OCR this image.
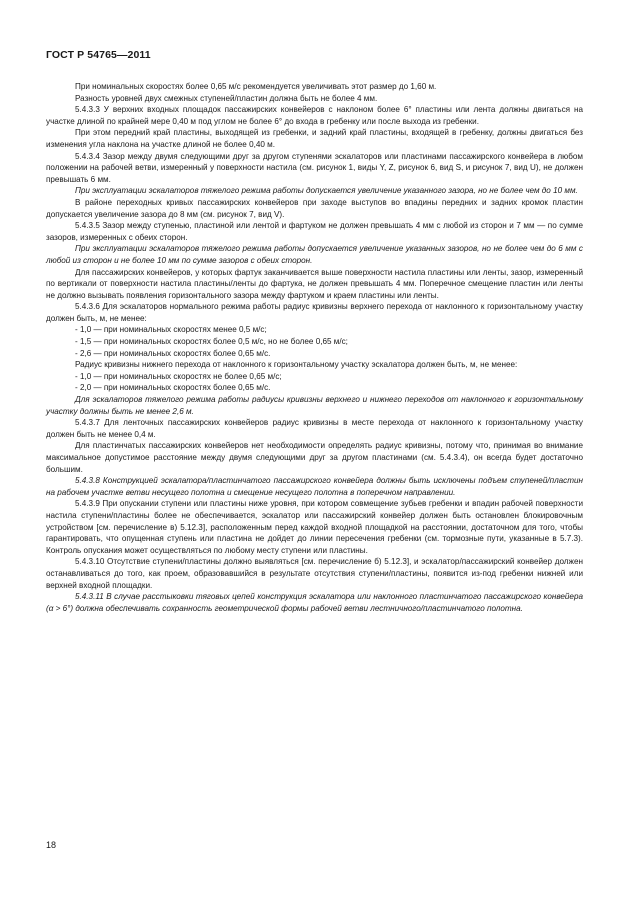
ГОСТ Р 54765—2011

При номинальных скоростях более 0,65 м/с рекомендуется увеличивать этот размер до 1,60 м.

Разность уровней двух смежных ступеней/пластин должна быть не более 4 мм.

5.4.3.3 У верхних входных площадок пассажирских конвейеров с наклоном более 6° пластины или лента должны двигаться на участке длиной по крайней мере 0,40 м под углом не более 6° до входа в гребенку или после выхода из гребенки.

При этом передний край пластины, выходящей из гребенки, и задний край пластины, входящей в гребенку, должны двигаться без изменения угла наклона на участке длиной не более 0,40 м.

5.4.3.4 Зазор между двумя следующими друг за другом ступенями эскалаторов или пластинами пассажирского конвейера в любом положении на рабочей ветви, измеренный у поверхности настила (см. рисунок 1, виды Y, Z, рисунок 6, вид S, и рисунок 7, вид U), не должен превышать 6 мм.

При эксплуатации эскалаторов тяжелого режима работы допускается увеличение указанного зазора, но не более чем до 10 мм.

В районе переходных кривых пассажирских конвейеров при заходе выступов во впадины передних и задних кромок пластин допускается увеличение зазора до 8 мм (см. рисунок 7, вид V).

5.4.3.5 Зазор между ступенью, пластиной или лентой и фартуком не должен превышать 4 мм с любой из сторон и 7 мм — по сумме зазоров, измеренных с обеих сторон.

При эксплуатации эскалаторов тяжелого режима работы допускается увеличение указанных зазоров, но не более чем до 6 мм с любой из сторон и не более 10 мм по сумме зазоров с обеих сторон.

Для пассажирских конвейеров, у которых фартук заканчивается выше поверхности настила пластины или ленты, зазор, измеренный по вертикали от поверхности настила пластины/ленты до фартука, не должен превышать 4 мм. Поперечное смещение пластин или ленты не должно вызывать появления горизонтального зазора между фартуком и краем пластины или ленты.

5.4.3.6 Для эскалаторов нормального режима работы радиус кривизны верхнего перехода от наклонного к горизонтальному участку должен быть, м, не менее:

- 1,0 — при номинальных скоростях менее 0,5 м/с;

- 1,5 — при номинальных скоростях более 0,5 м/с, но не более 0,65 м/с;

- 2,6 — при номинальных скоростях более 0,65 м/с.

Радиус кривизны нижнего перехода от наклонного к горизонтальному участку эскалатора должен быть, м, не менее:

- 1,0 — при номинальных скоростях не более 0,65 м/с;

- 2,0 — при номинальных скоростях более 0,65 м/с.

Для эскалаторов тяжелого режима работы радиусы кривизны верхнего и нижнего переходов от наклонного к горизонтальному участку должны быть не менее 2,6 м.

5.4.3.7 Для ленточных пассажирских конвейеров радиус кривизны в месте перехода от наклонного к горизонтальному участку должен быть не менее 0,4 м.

Для пластинчатых пассажирских конвейеров нет необходимости определять радиус кривизны, потому что, принимая во внимание максимальное допустимое расстояние между двумя следующими друг за другом пластинами (см. 5.4.3.4), он всегда будет достаточно большим.

5.4.3.8 Конструкцией эскалатора/пластинчатого пассажирского конвейера должны быть исключены подъем ступеней/пластин на рабочем участке ветви несущего полотна и смещение несущего полотна в поперечном направлении.

5.4.3.9 При опускании ступени или пластины ниже уровня, при котором совмещение зубьев гребенки и впадин рабочей поверхности настила ступени/пластины более не обеспечивается, эскалатор или пассажирский конвейер должен быть остановлен блокировочным устройством [см. перечисление в) 5.12.3], расположенным перед каждой входной площадкой на расстоянии, достаточном для того, чтобы гарантировать, что опущенная ступень или пластина не дойдет до линии пересечения гребенки (см. тормозные пути, указанные в 5.7.3). Контроль опускания может осуществляться по любому месту ступени или пластины.

5.4.3.10 Отсутствие ступени/пластины должно выявляться [см. перечисление б) 5.12.3], и эскалатор/пассажирский конвейер должен останавливаться до того, как проем, образовавшийся в результате отсутствия ступени/пластины, появится из-под гребенки нижней или верхней входной площадки.

5.4.3.11 В случае расстыковки тяговых цепей конструкция эскалатора или наклонного пластинчатого пассажирского конвейера (α > 6°) должна обеспечивать сохранность геометрической формы рабочей ветви лестничного/пластинчатого полотна.

18
